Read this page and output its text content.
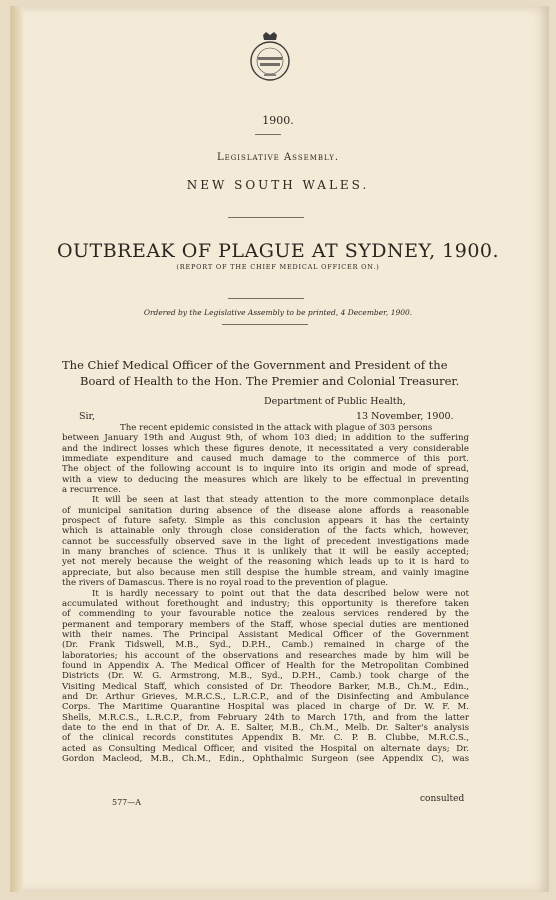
1900.
Legislative Assembly.
NEW SOUTH WALES.
OUTBREAK OF PLAGUE AT SYDNEY, 1900.
(REPORT OF THE CHIEF MEDICAL OFFICER ON.)
Ordered by the Legislative Assembly to be printed, 4 December, 1900.
The Chief Medical Officer of the Government and President of the
Board of Health to the Hon. The Premier and Colonial Treasurer.
Department of Public Health,
Sir,	13 November, 1900.
The recent epidemic consisted in the attack with plague of 303 persons
between January 19th and August 9th, of whom 103 died; in addition to the suffering
and the indirect losses which these figures denote, it necessitated a very considerable
immediate expenditure and caused much damage to the commerce of this port.
The object of the following account is to inquire into its origin and mode of spread,
with a view to deducing the measures which are likely to be effectual in preventing
a recurrence.
It will be seen at last that steady attention to the more commonplace details
of municipal sanitation during absence of the disease alone affords a reasonable
prospect of future safety. Simple as this conclusion appears it has the certainty
which is attainable only through close consideration of the facts which, however,
cannot be successfully observed save in the light of precedent investigations made
in many branches of science. Thus it is unlikely that it will be easily accepted;
yet not merely because the weight of the reasoning which leads up to it is hard to
appreciate, but also because men still despise the humble stream, and vainly imagine
the rivers of Damascus. There is no royal road to the prevention of plague.
It is hardly necessary to point out that the data described below were not
accumulated without forethought and industry; this opportunity is therefore taken
of commending to your favourable notice the zealous services rendered by the
permanent and temporary members of the Staff, whose special duties are mentioned
with their names. The Principal Assistant Medical Officer of the Government
(Dr. Frank Tidswell, M.B., Syd., D.P.H., Camb.) remained in charge of the
laboratories; his account of the observations and researches made by him will be
found in Appendix A. The Medical Officer of Health for the Metropolitan Combined
Districts (Dr. W. G. Armstrong, M.B., Syd., D.P.H., Camb.) took charge of the
Visiting Medical Staff, which consisted of Dr. Theodore Barker, M.B., Ch.M., Edin.,
and Dr. Arthur Grieves, M.R.C.S., L.R.C.P., and of the Disinfecting and Ambulance
Corps. The Maritime Quarantine Hospital was placed in charge of Dr. W. F. M.
Shells, M.R.C.S., L.R.C.P., from February 24th to March 17th, and from the latter
date to the end in that of Dr. A. E. Salter, M.B., Ch.M., Melb. Dr. Salter's analysis
of the clinical records constitutes Appendix B. Mr. C. P. B. Clubbe, M.R.C.S.,
acted as Consulting Medical Officer, and visited the Hospital on alternate days; Dr.
Gordon Macleod, M.B., Ch.M., Edin., Ophthalmic Surgeon (see Appendix C), was
577—A	consulted
